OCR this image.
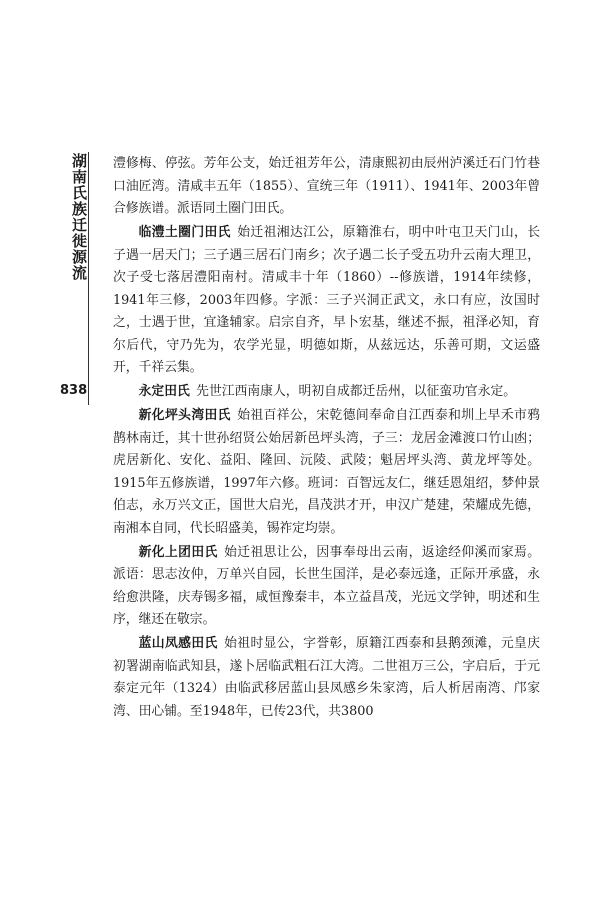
湖南氏族迁徙源流
838

澧修梅、停弦。芳年公支，始迁祖芳年公，清康熙初由辰州泸溪迁石门竹巷口油匠湾。清咸丰五年（1855）、宣统三年（1911）、1941年、2003年曾合修族谱。派语同土圈门田氏。

临澧土圈门田氏 始迁祖湘达江公，原籍淮右，明中叶屯卫天门山，长子遇一居天门；三子遇三居石门南乡；次子遇二长子受五功升云南大理卫，次子受七落居澧阳南村。清咸丰十年（1860）--修族谱，1914年续修，1941年三修，2003年四修。字派：三子兴洞正武文，永口有应，汝国时之，士遇于世，宜逢辅家。启宗自齐，早卜宏基，继述不振，祖泽必知，育尔后代，守乃先为，农学光显，明德如斯，从兹远达，乐善可期，文运盛开，千祥云集。

永定田氏 先世江西南康人，明初自成都迁岳州，以征蛮功官永定。

新化坪头湾田氏 始祖百祥公，宋乾德间奉命自江西泰和圳上早禾市鸦鹊林南迁，其十世孙绍贤公始居新邑坪头湾，子三：龙居金滩渡口竹山凼；虎居新化、安化、益阳、隆回、沅陵、武陵；魁居坪头湾、黄龙坪等处。1915年五修族谱，1997年六修。班词：百智远友仁，继廷恩俎绍，梦仲景伯志，永万兴文正，国世大启光，昌茂洪才开，申汉广楚建，荣耀成先德，南湘本自同，代长昭盛美，锡祚定均崇。

新化上团田氏 始迁祖思让公，因事奉母出云南，返途经仰溪而家焉。派语：思志汝仲，万单兴自园，长世生国洋，是必泰远逢，正际开承盛，永给愈洪隆，庆寿锡多福，咸恒豫秦丰，本立益昌茂，光远文学钟，明述和生序，继还在敬宗。

蓝山凤感田氏 始祖时显公，字誉彰，原籍江西泰和县鹅颈滩，元皇庆初署湖南临武知县，遂卜居临武粗石江大湾。二世祖万三公，字启后，于元泰定元年（1324）由临武移居蓝山县凤感乡朱家湾，后人析居南湾、邝家湾、田心铺。至1948年，已传23代，共3800
